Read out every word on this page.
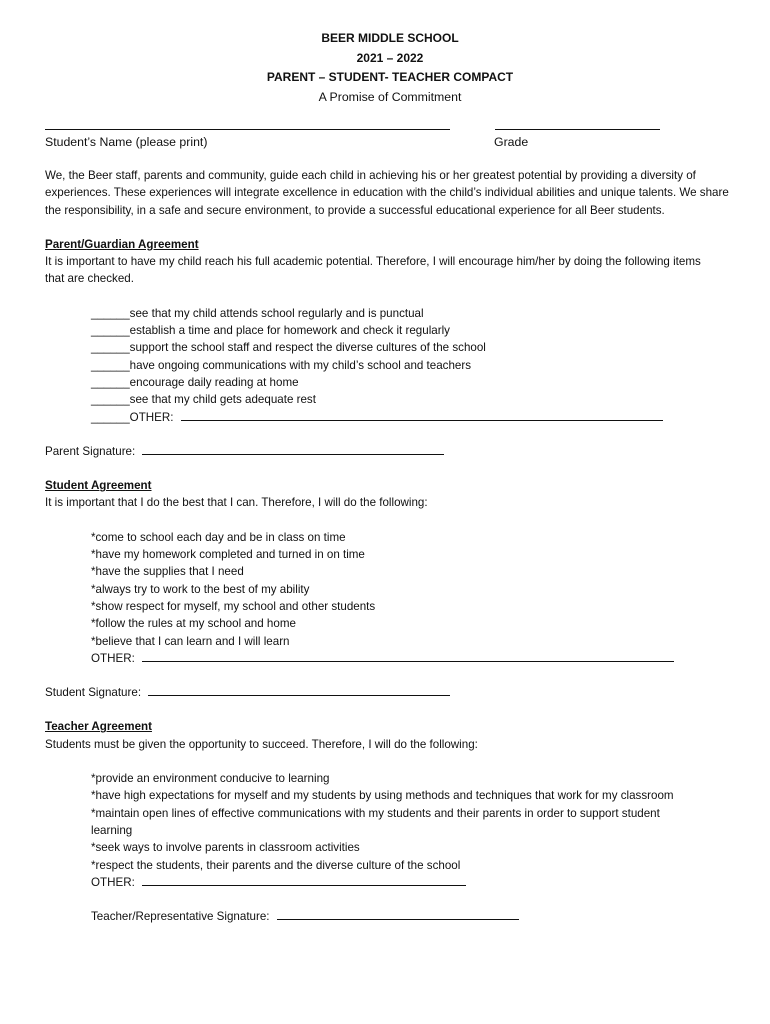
BEER MIDDLE SCHOOL
2021 – 2022
PARENT – STUDENT- TEACHER COMPACT
A Promise of Commitment
Student’s Name (please print)	Grade

We, the Beer staff, parents and community, guide each child in achieving his or her greatest potential by providing a diversity of experiences. These experiences will integrate excellence in education with the child’s individual abilities and unique talents. We share the responsibility, in a safe and secure environment, to provide a successful educational experience for all Beer students.

Parent/Guardian Agreement

It is important to have my child reach his full academic potential. Therefore, I will encourage him/her by doing the following items that are checked.

______see that my child attends school regularly and is punctual
______establish a time and place for homework and check it regularly
______support the school staff and respect the diverse cultures of the school
______have ongoing communications with my child’s school and teachers
______encourage daily reading at home
______see that my child gets adequate rest
______OTHER:
Parent Signature:
Student Agreement

It is important that I do the best that I can. Therefore, I will do the following:

*come to school each day and be in class on time
*have my homework completed and turned in on time
*have the supplies that I need
*always try to work to the best of my ability
*show respect for myself, my school and other students
*follow the rules at my school and home
*believe that I can learn and I will learn
OTHER:
Student Signature:
Teacher Agreement

Students must be given the opportunity to succeed. Therefore, I will do the following:

*provide an environment conducive to learning
*have high expectations for myself and my students by using methods and techniques that work for my classroom
*maintain open lines of effective communications with my students and their parents in order to support student learning
*seek ways to involve parents in classroom activities
*respect the students, their parents and the diverse culture of the school
OTHER:
Teacher/Representative Signature:
